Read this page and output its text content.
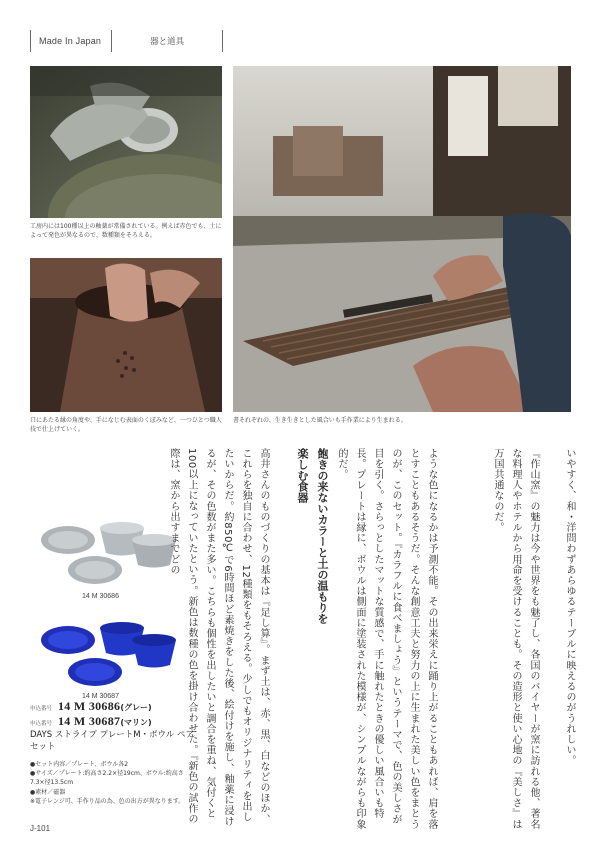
Made In Japan	器と道具
工房内には100種以上の釉薬が常備されている。例えば赤色でも、土によって発色が異なるので、数種類をそろえる。
口にあたる縁の角度や、手になじむ表面のくぼみなど、一つひとつ職人技で仕上げていく。
書それぞれの、生き生きとした風合いも手作業により生まれる。
14 M 30686
14 M 30687
申込番号 14 M 30686 (グレー)
申込番号 14 M 30687 (マリン)
DAYS ストライプ プレートM・ボウル ペアセット
●セット内容／プレート、ボウル各2
●サイズ／プレート:約高さ2.2×径19cm、ボウル:約高さ7.3×径13.5cm
●素材／磁器
※電子レンジ可、手作り品の為、色の出方が異なります。
いやすく、和・洋問わずあらゆるテーブルに映えるのがうれしい。
『作山窯』の魅力は今や世界をも魅了し、各国のバイヤーが窯に訪れる他、著名な料理人やホテルから用命を受けることも。その造形と使い心地の『美しさ』は万国共通なのだ。
ような色になるかは予測不能。その出来栄えに踊り上がることもあれば、肩を落とすこともあるそうだ。そんな創意工夫と努力の上に生まれた美しい色をまとうのが、このセット。『カラフルに食べましょう』というテーマで、色の美しさが目を引く。さらっとしたマットな質感で、手に触れたときの優しい風合いも特長。プレートは縁に、ボウルは側面に塗装された模様が、シンプルながらも印象的だ。
飽きの来ないカラーと土の温もりを楽しむ食器
高井さんのものづくりの基本は『足し算』。まず土は、赤、黒、白などのほか、これらを独自に合わせ、12種類をもそろえる。少しでもオリジナリティを出したいからだ。約850℃で6時間ほど素焼きをした後、絵付けを施し、釉薬に浸けるが、その色数がまた多い。こちらも個性を出したいと調合を重ね、気付くと100以上になっていたという。新色は数種の色を掛け合わせた。『新色の試作の際は、窯から出すまでどの
J-101
